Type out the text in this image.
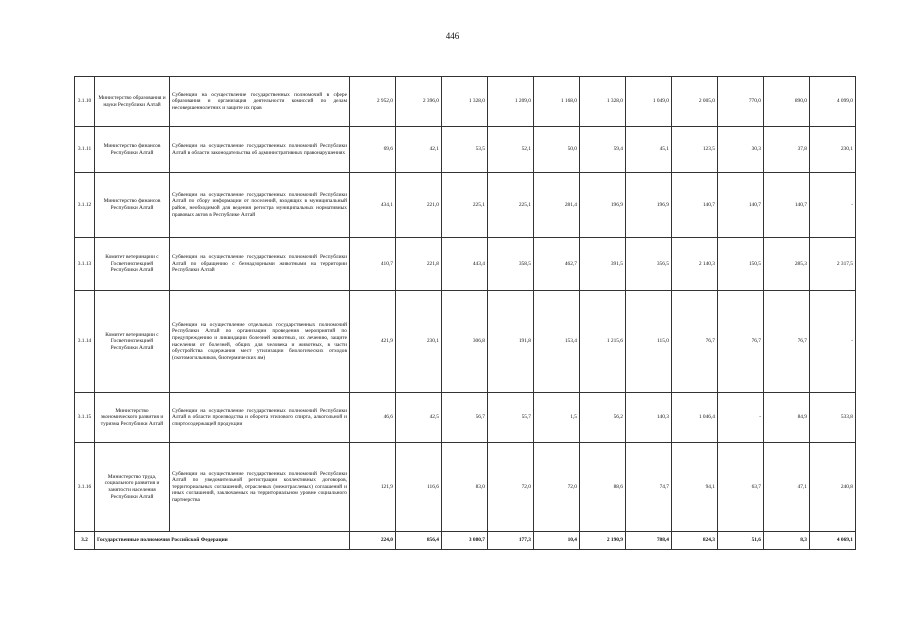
446
3.1.10	Министерство образования и науки Республики Алтай	Субвенции на осуществление государственных полномочий в сфере образования и организация деятельности комиссий по делам несовершеннолетних и защите их прав	2 952,0	2 396,0	1 328,0	1 209,0	1 168,0	1 328,0	1 049,0	2 005,0	770,0	890,0	4 099,0
3.1.11	Министерство финансов Республики Алтай	Субвенции на осуществление государственных полномочий Республики Алтай в области законодательства об административных правонарушениях	69,6	42,1	53,5	52,1	50,0	59,4	45,1	123,5	30,3	37,8	230,1
3.1.12	Министерство финансов Республики Алтай	Субвенции на осуществление государственных полномочий Республики Алтай по сбору информации от поселений, входящих в муниципальный район, необходимой для ведения регистра муниципальных нормативных правовых актов в Республике Алтай	434,1	221,0	225,1	225,1	281,4	196,9	196,9	140,7	140,7	140,7	-
3.1.13	Комитет ветеринарии с Госветинспекцией Республики Алтай	Субвенции на осуществление государственных полномочий Республики Алтай по обращению с безнадзорными животными на территории Республики Алтай	410,7	221,8	443,4	358,5	462,7	391,5	356,5	2 140,3	150,5	285,3	2 317,5
3.1.14	Комитет ветеринарии с Госветинспекцией Республики Алтай	Субвенции на осуществление отдельных государственных полномочий Республики Алтай по организации проведения мероприятий по предупреждению и ликвидации болезней животных, их лечению, защите населения от болезней, общих для человека и животных, в части обустройства содержания мест утилизации биологических отходов (скотомогильников, биотермических ям)	421,9	230,1	306,8	191,8	153,4	1 215,6	115,0	76,7	76,7	76,7	-
3.1.15	Министерство экономического развития и туризма Республики Алтай	Субвенции на осуществление государственных полномочий Республики Алтай в области производства и оборота этилового спирта, алкогольной и спиртосодержащей продукции	46,6	42,5	56,7	55,7	1,5	56,2	140,3	1 046,4	-	84,9	533,8
3.1.16	Министерство труда, социального развития и занятости населения Республики Алтай	Субвенции на осуществление государственных полномочий Республики Алтай по уведомительной регистрации коллективных договоров, территориальных соглашений, отраслевых (межотраслевых) соглашений и иных соглашений, заключаемых на территориальном уровне социального партнерства	121,9	116,6	83,0	72,0	72,0	88,6	74,7	94,1	63,7	47,1	240,8
3.2	Государственные полномочия Российской Федерации		224,0	856,4	3 080,7	177,3	10,4	2 190,9	788,4	824,3	51,6	8,3	4 069,1
